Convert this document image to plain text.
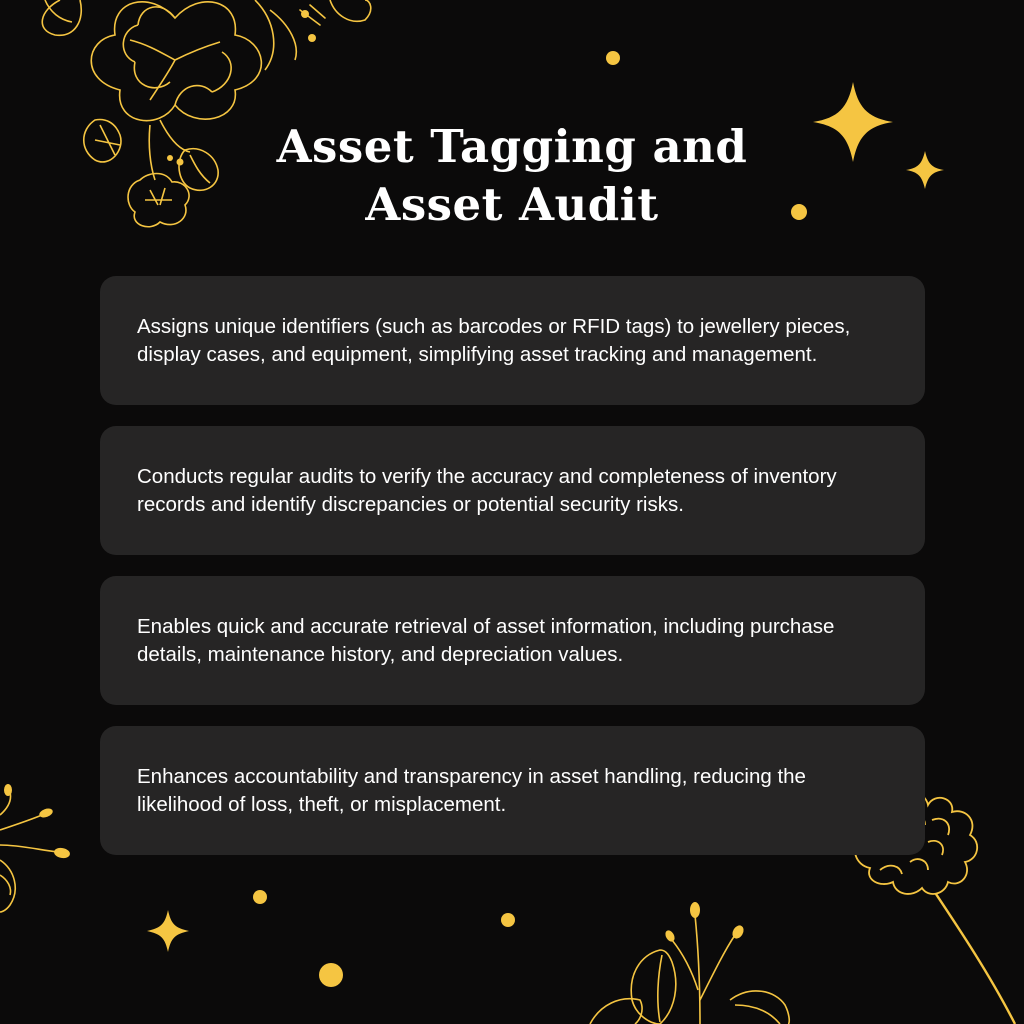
Asset Tagging and
Asset Audit

Assigns unique identifiers (such as barcodes or RFID tags) to jewellery pieces, display cases, and equipment, simplifying asset tracking and management.

Conducts regular audits to verify the accuracy and completeness of inventory records and identify discrepancies or potential security risks.

Enables quick and accurate retrieval of asset information, including purchase details, maintenance history, and depreciation values.

Enhances accountability and transparency in asset handling, reducing the likelihood of loss, theft, or misplacement.
